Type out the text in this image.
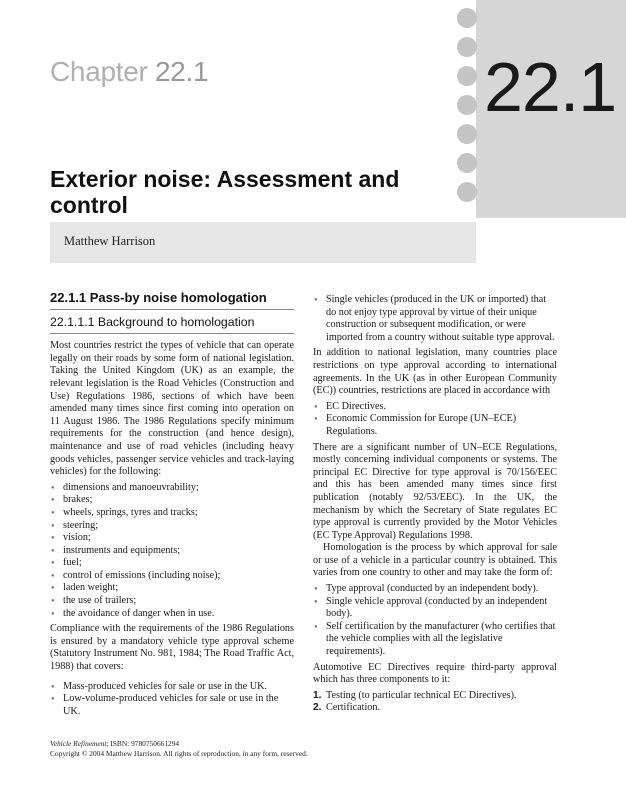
22.1
Chapter 22.1
Exterior noise: Assessment and control
Matthew Harrison
22.1.1 Pass-by noise homologation
22.1.1.1 Background to homologation

Most countries restrict the types of vehicle that can operate legally on their roads by some form of national legislation. Taking the United Kingdom (UK) as an example, the relevant legislation is the Road Vehicles (Construction and Use) Regulations 1986, sections of which have been amended many times since first coming into operation on 11 August 1986. The 1986 Regulations specify minimum requirements for the construction (and hence design), maintenance and use of road vehicles (including heavy goods vehicles, passenger service vehicles and track-laying vehicles) for the following:

● dimensions and manoeuvrability;
● brakes;
● wheels, springs, tyres and tracks;
● steering;
● vision;
● instruments and equipments;
● fuel;
● control of emissions (including noise);
● laden weight;
● the use of trailers;
● the avoidance of danger when in use.

Compliance with the requirements of the 1986 Regulations is ensured by a mandatory vehicle type approval scheme (Statutory Instrument No. 981, 1984; The Road Traffic Act, 1988) that covers:

● Mass-produced vehicles for sale or use in the UK.
● Low-volume-produced vehicles for sale or use in the UK.
● Single vehicles (produced in the UK or imported) that do not enjoy type approval by virtue of their unique construction or subsequent modification, or were imported from a country without suitable type approval.

In addition to national legislation, many countries place restrictions on type approval according to international agreements. In the UK (as in other European Community (EC)) countries, restrictions are placed in accordance with

● EC Directives.
● Economic Commission for Europe (UN–ECE) Regulations.

There are a significant number of UN–ECE Regulations, mostly concerning individual components or systems. The principal EC Directive for type approval is 70/156/EEC and this has been amended many times since first publication (notably 92/53/EEC). In the UK, the mechanism by which the Secretary of State regulates EC type approval is currently provided by the Motor Vehicles (EC Type Approval) Regulations 1998.

Homologation is the process by which approval for sale or use of a vehicle in a particular country is obtained. This varies from one country to other and may take the form of:

● Type approval (conducted by an independent body).
● Single vehicle approval (conducted by an independent body).
● Self certification by the manufacturer (who certifies that the vehicle complies with all the legislative requirements).

Automotive EC Directives require third-party approval which has three components to it:

1. Testing (to particular technical EC Directives).
2. Certification.
Vehicle Refinement; ISBN: 9780750661294
Copyright © 2004 Matthew Harrison. All rights of reproduction, in any form, reserved.
